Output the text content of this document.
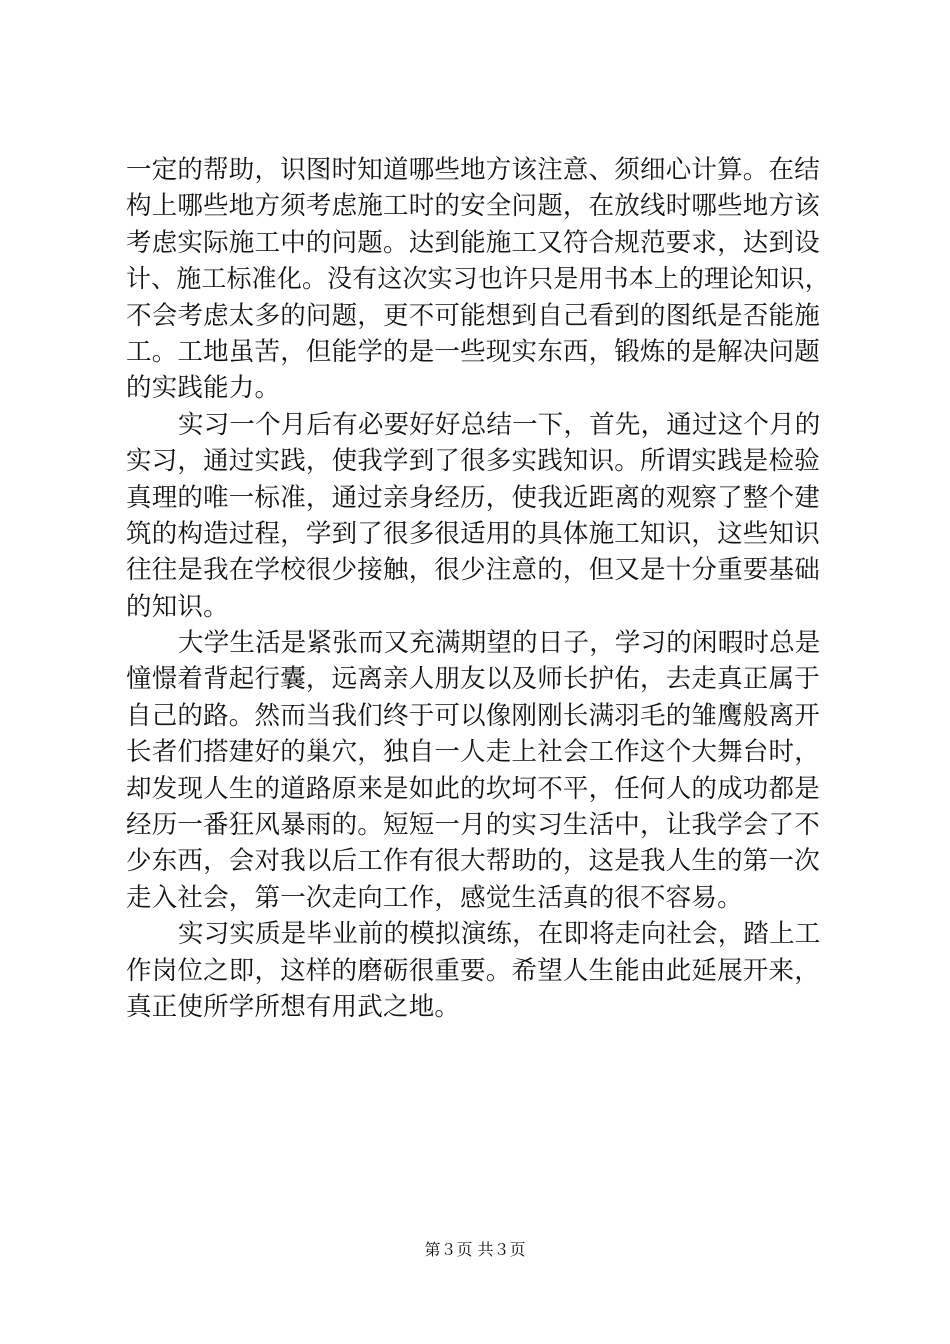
一定的帮助，识图时知道哪些地方该注意、须细心计算。在结
构上哪些地方须考虑施工时的安全问题，在放线时哪些地方该
考虑实际施工中的问题。达到能施工又符合规范要求，达到设
计、施工标准化。没有这次实习也许只是用书本上的理论知识，
不会考虑太多的问题，更不可能想到自己看到的图纸是否能施
工。工地虽苦，但能学的是一些现实东西，锻炼的是解决问题
的实践能力。
实习一个月后有必要好好总结一下，首先，通过这个月的
实习，通过实践，使我学到了很多实践知识。所谓实践是检验
真理的唯一标准，通过亲身经历，使我近距离的观察了整个建
筑的构造过程，学到了很多很适用的具体施工知识，这些知识
往往是我在学校很少接触，很少注意的，但又是十分重要基础
的知识。
大学生活是紧张而又充满期望的日子，学习的闲暇时总是
憧憬着背起行囊，远离亲人朋友以及师长护佑，去走真正属于
自己的路。然而当我们终于可以像刚刚长满羽毛的雏鹰般离开
长者们搭建好的巢穴，独自一人走上社会工作这个大舞台时，
却发现人生的道路原来是如此的坎坷不平，任何人的成功都是
经历一番狂风暴雨的。短短一月的实习生活中，让我学会了不
少东西，会对我以后工作有很大帮助的，这是我人生的第一次
走入社会，第一次走向工作，感觉生活真的很不容易。
实习实质是毕业前的模拟演练，在即将走向社会，踏上工
作岗位之即，这样的磨砺很重要。希望人生能由此延展开来，
真正使所学所想有用武之地。
第３页 共３页
